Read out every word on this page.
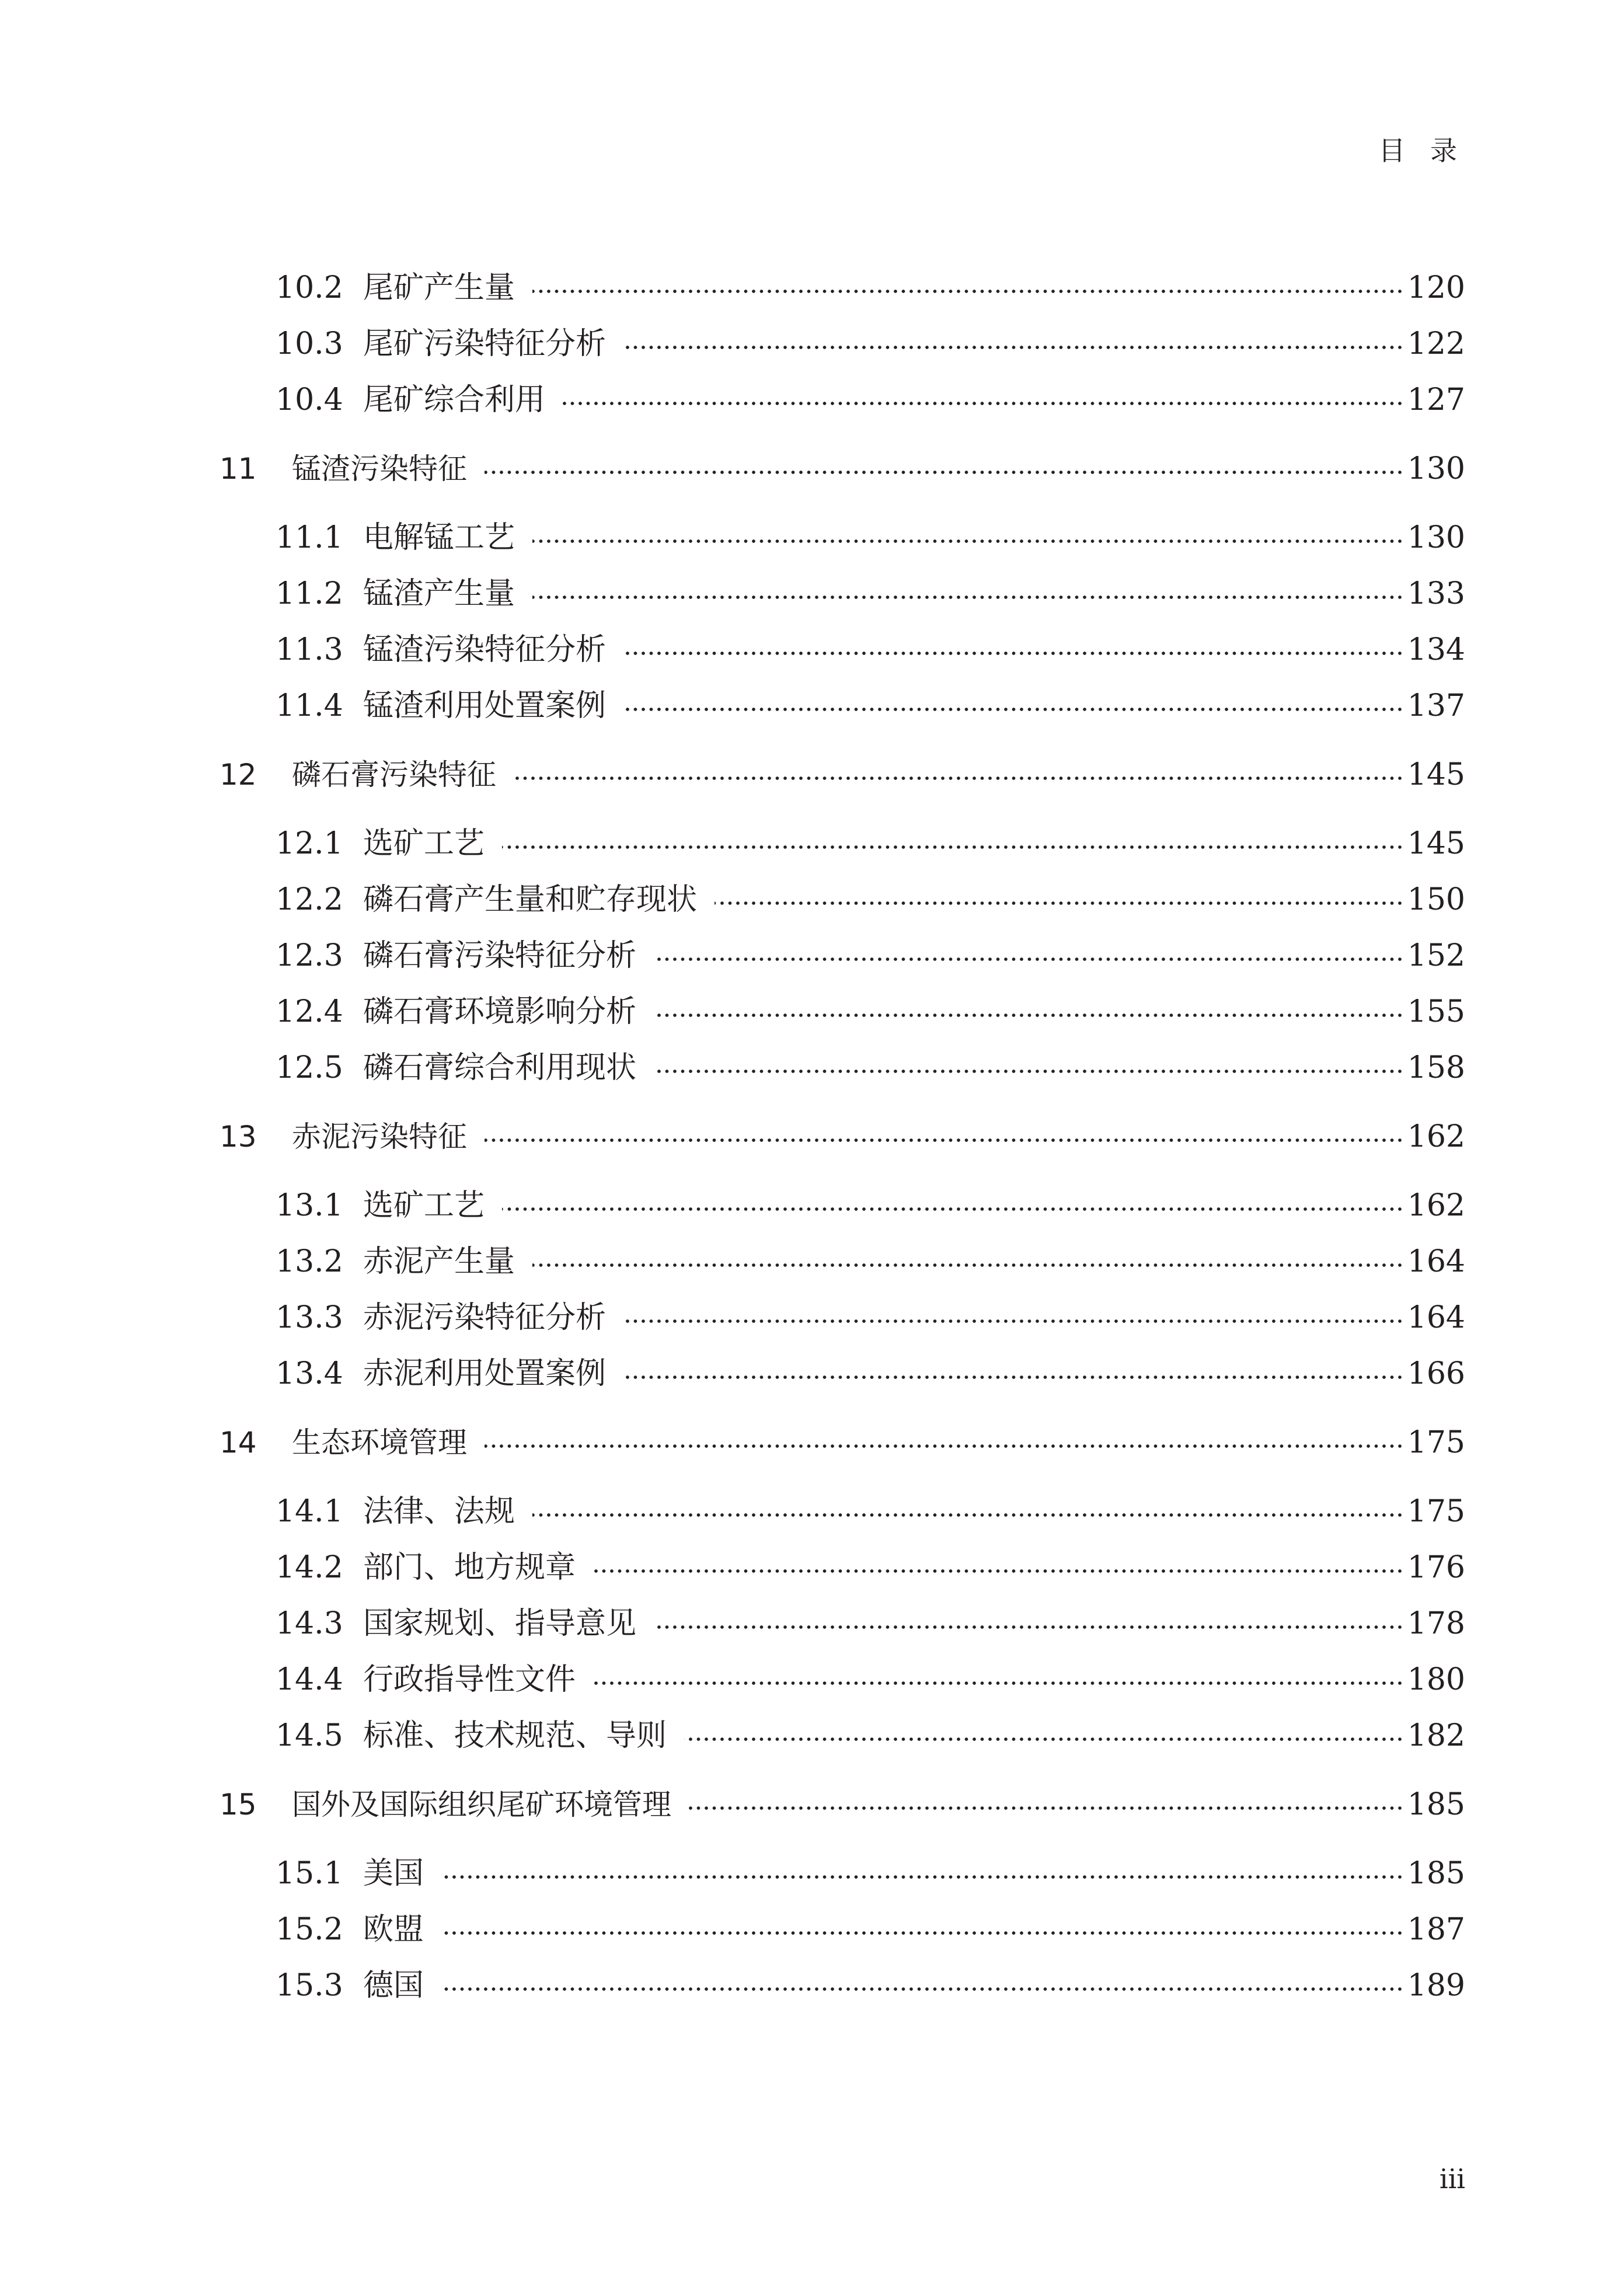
目 录
10.2 尾矿产生量	120
10.3 尾矿污染特征分析	122
10.4 尾矿综合利用	127
11	锰渣污染特征	130
11.1 电解锰工艺	130
11.2 锰渣产生量	133
11.3 锰渣污染特征分析	134
11.4 锰渣利用处置案例	137
12	磷石膏污染特征	145
12.1 选矿工艺	145
12.2 磷石膏产生量和贮存现状	150
12.3 磷石膏污染特征分析	152
12.4 磷石膏环境影响分析	155
12.5 磷石膏综合利用现状	158
13	赤泥污染特征	162
13.1 选矿工艺	162
13.2 赤泥产生量	164
13.3 赤泥污染特征分析	164
13.4 赤泥利用处置案例	166
14	生态环境管理	175
14.1 法律、法规	175
14.2 部门、地方规章	176
14.3 国家规划、指导意见	178
14.4 行政指导性文件	180
14.5 标准、技术规范、导则	182
15	国外及国际组织尾矿环境管理	185
15.1 美国	185
15.2 欧盟	187
15.3 德国	189
iii
